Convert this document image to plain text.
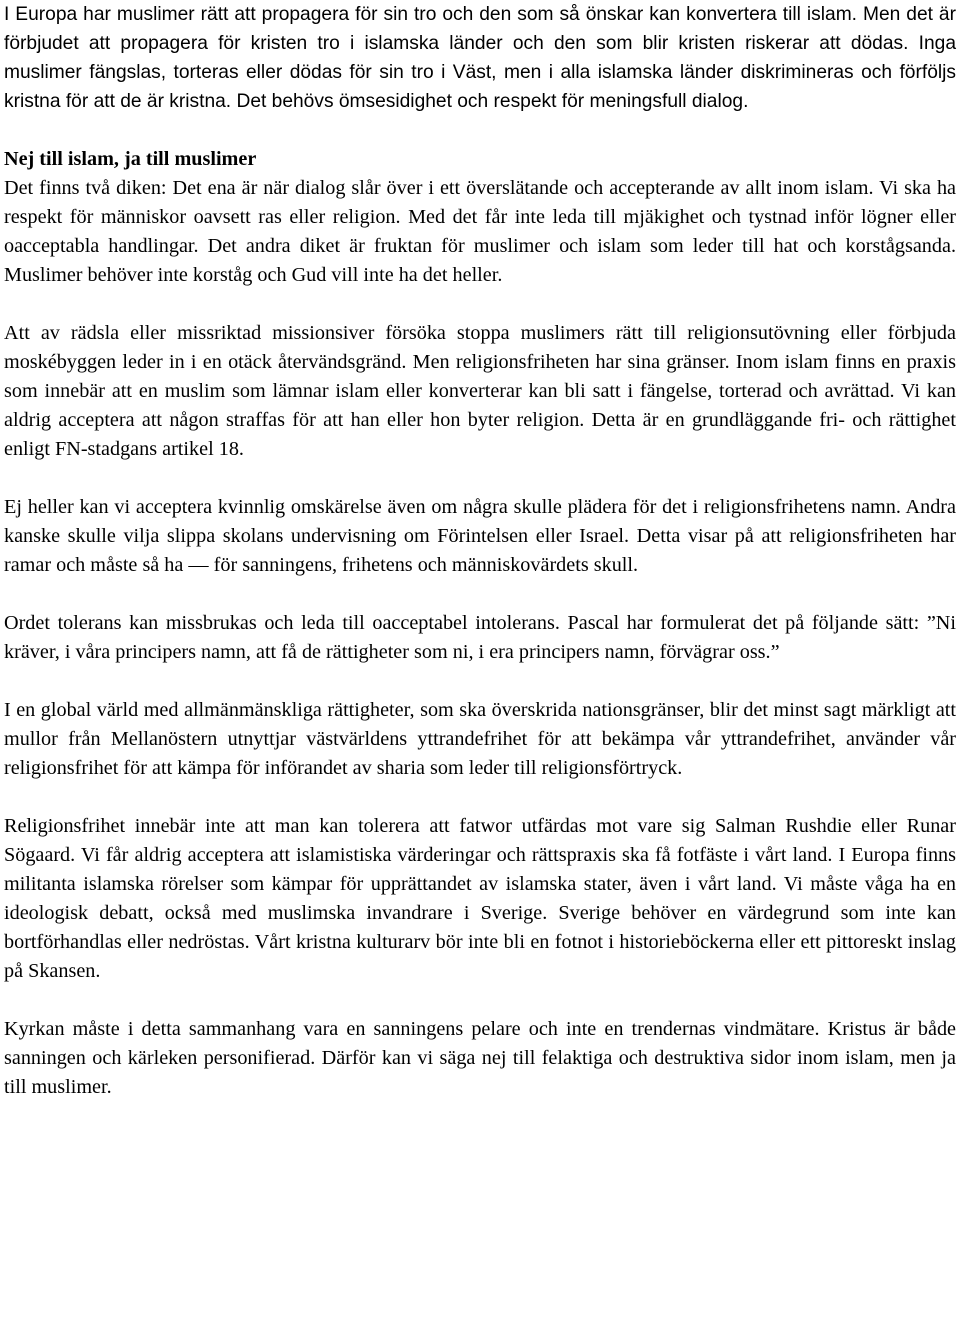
I Europa har muslimer rätt att propagera för sin tro och den som så önskar kan konvertera till islam. Men det är förbjudet att propagera för kristen tro i islamska länder och den som blir kristen riskerar att dödas. Inga muslimer fängslas, torteras eller dödas för sin tro i Väst, men i alla islamska länder diskrimineras och förföljs kristna för att de är kristna. Det behövs ömsesidighet och respekt för meningsfull dialog.

Nej till islam, ja till muslimer

Det finns två diken: Det ena är när dialog slår över i ett överslätande och accepterande av allt inom islam. Vi ska ha respekt för människor oavsett ras eller religion. Med det får inte leda till mjäkighet och tystnad inför lögner eller oacceptabla handlingar. Det andra diket är fruktan för muslimer och islam som leder till hat och korstågsanda. Muslimer behöver inte korståg och Gud vill inte ha det heller.

Att av rädsla eller missriktad missionsiver försöka stoppa muslimers rätt till religionsutövning eller förbjuda moskébyggen leder in i en otäck återvändsgränd. Men religionsfriheten har sina gränser. Inom islam finns en praxis som innebär att en muslim som lämnar islam eller konverterar kan bli satt i fängelse, torterad och avrättad. Vi kan aldrig acceptera att någon straffas för att han eller hon byter religion. Detta är en grundläggande fri- och rättighet enligt FN-stadgans artikel 18.

Ej heller kan vi acceptera kvinnlig omskärelse även om några skulle plädera för det i religionsfrihetens namn. Andra kanske skulle vilja slippa skolans undervisning om Förintelsen eller Israel. Detta visar på att religionsfriheten har ramar och måste så ha — för sanningens, frihetens och människovärdets skull.

Ordet tolerans kan missbrukas och leda till oacceptabel intolerans. Pascal har formulerat det på följande sätt: ”Ni kräver, i våra principers namn, att få de rättigheter som ni, i era principers namn, förvägrar oss.”

I en global värld med allmänmänskliga rättigheter, som ska överskrida nationsgränser, blir det minst sagt märkligt att mullor från Mellanöstern utnyttjar västvärldens yttrandefrihet för att bekämpa vår yttrandefrihet, använder vår religionsfrihet för att kämpa för införandet av sharia som leder till religionsförtryck.

Religionsfrihet innebär inte att man kan tolerera att fatwor utfärdas mot vare sig Salman Rushdie eller Runar Sögaard. Vi får aldrig acceptera att islamistiska värderingar och rättspraxis ska få fotfäste i vårt land. I Europa finns militanta islamska rörelser som kämpar för upprättandet av islamska stater, även i vårt land. Vi måste våga ha en ideologisk debatt, också med muslimska invandrare i Sverige. Sverige behöver en värdegrund som inte kan bortförhandlas eller nedröstas. Vårt kristna kulturarv bör inte bli en fotnot i historieböckerna eller ett pittoreskt inslag på Skansen.

Kyrkan måste i detta sammanhang vara en sanningens pelare och inte en trendernas vindmätare. Kristus är både sanningen och kärleken personifierad. Därför kan vi säga nej till felaktiga och destruktiva sidor inom islam, men ja till muslimer.
